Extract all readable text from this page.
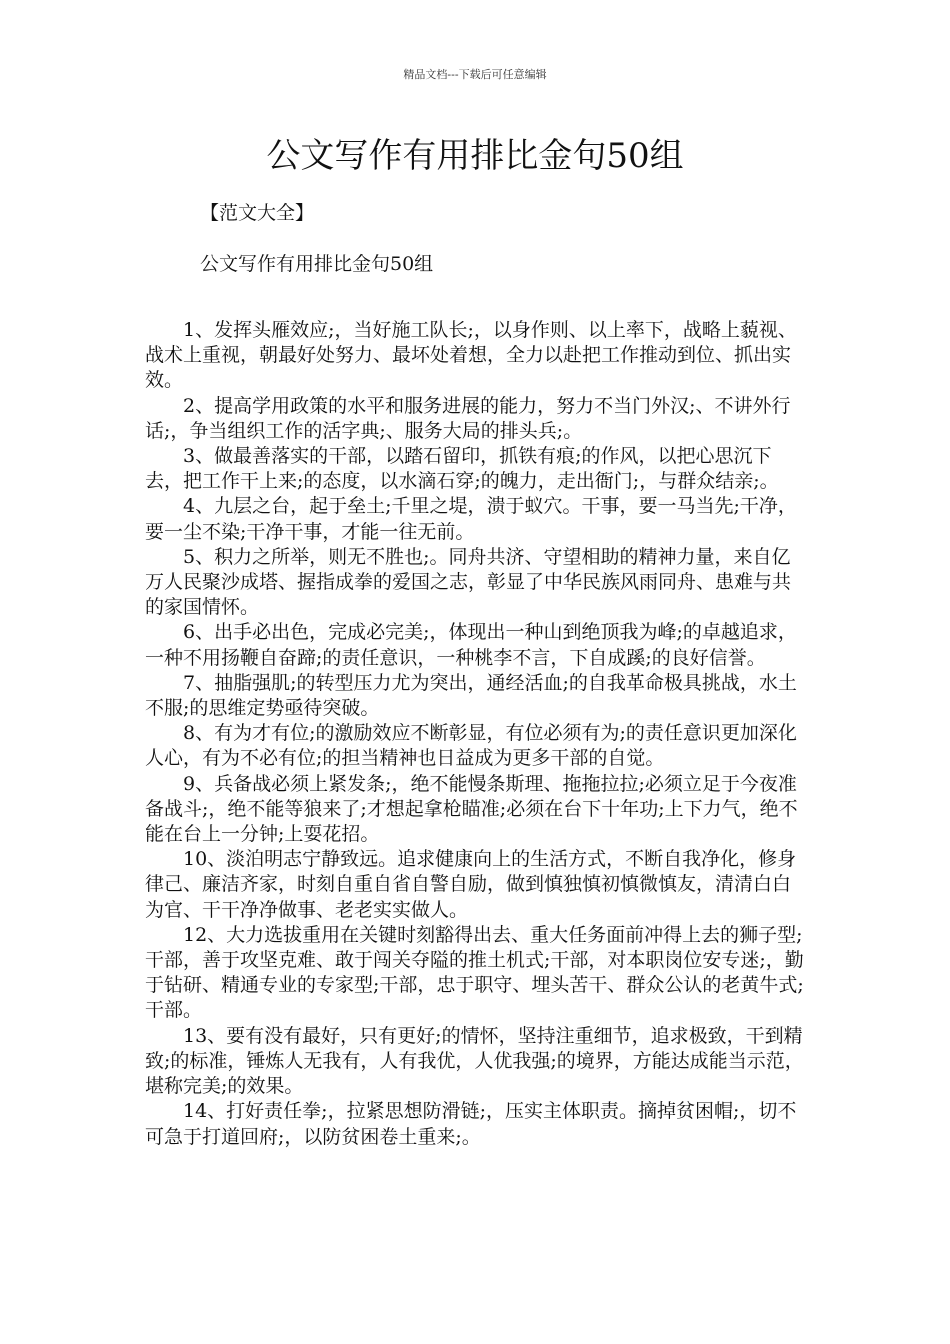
精品文档---下载后可任意编辑
公文写作有用排比金句50组
【范文大全】
公文写作有用排比金句50组

1、发挥头雁效应;，当好施工队长;，以身作则、以上率下，战略上藐视、战术上重视，朝最好处努力、最坏处着想，全力以赴把工作推动到位、抓出实效。

2、提高学用政策的水平和服务进展的能力，努力不当门外汉;、不讲外行话;，争当组织工作的活字典;、服务大局的排头兵;。

3、做最善落实的干部，以踏石留印，抓铁有痕;的作风，以把心思沉下去，把工作干上来;的态度，以水滴石穿;的魄力，走出衙门;，与群众结亲;。

4、九层之台，起于垒土;千里之堤，溃于蚁穴。干事，要一马当先;干净，要一尘不染;干净干事，才能一往无前。

5、积力之所举，则无不胜也;。同舟共济、守望相助的精神力量，来自亿万人民聚沙成塔、握指成拳的爱国之志，彰显了中华民族风雨同舟、患难与共的家国情怀。

6、出手必出色，完成必完美;，体现出一种山到绝顶我为峰;的卓越追求，一种不用扬鞭自奋蹄;的责任意识，一种桃李不言，下自成蹊;的良好信誉。

7、抽脂强肌;的转型压力尤为突出，通经活血;的自我革命极具挑战，水土不服;的思维定势亟待突破。

8、有为才有位;的激励效应不断彰显，有位必须有为;的责任意识更加深化人心，有为不必有位;的担当精神也日益成为更多干部的自觉。

9、兵备战必须上紧发条;，绝不能慢条斯理、拖拖拉拉;必须立足于今夜准备战斗;，绝不能等狼来了;才想起拿枪瞄准;必须在台下十年功;上下力气，绝不能在台上一分钟;上耍花招。

10、淡泊明志宁静致远。追求健康向上的生活方式，不断自我净化，修身律己、廉洁齐家，时刻自重自省自警自励，做到慎独慎初慎微慎友，清清白白为官、干干净净做事、老老实实做人。

12、大力选拔重用在关键时刻豁得出去、重大任务面前冲得上去的狮子型;干部，善于攻坚克难、敢于闯关夺隘的推土机式;干部，对本职岗位安专迷;，勤于钻研、精通专业的专家型;干部，忠于职守、埋头苦干、群众公认的老黄牛式;干部。

13、要有没有最好，只有更好;的情怀，坚持注重细节，追求极致，干到精致;的标准，锤炼人无我有，人有我优，人优我强;的境界，方能达成能当示范，堪称完美;的效果。

14、打好责任拳;，拉紧思想防滑链;，压实主体职责。摘掉贫困帽;，切不可急于打道回府;，以防贫困卷土重来;。
